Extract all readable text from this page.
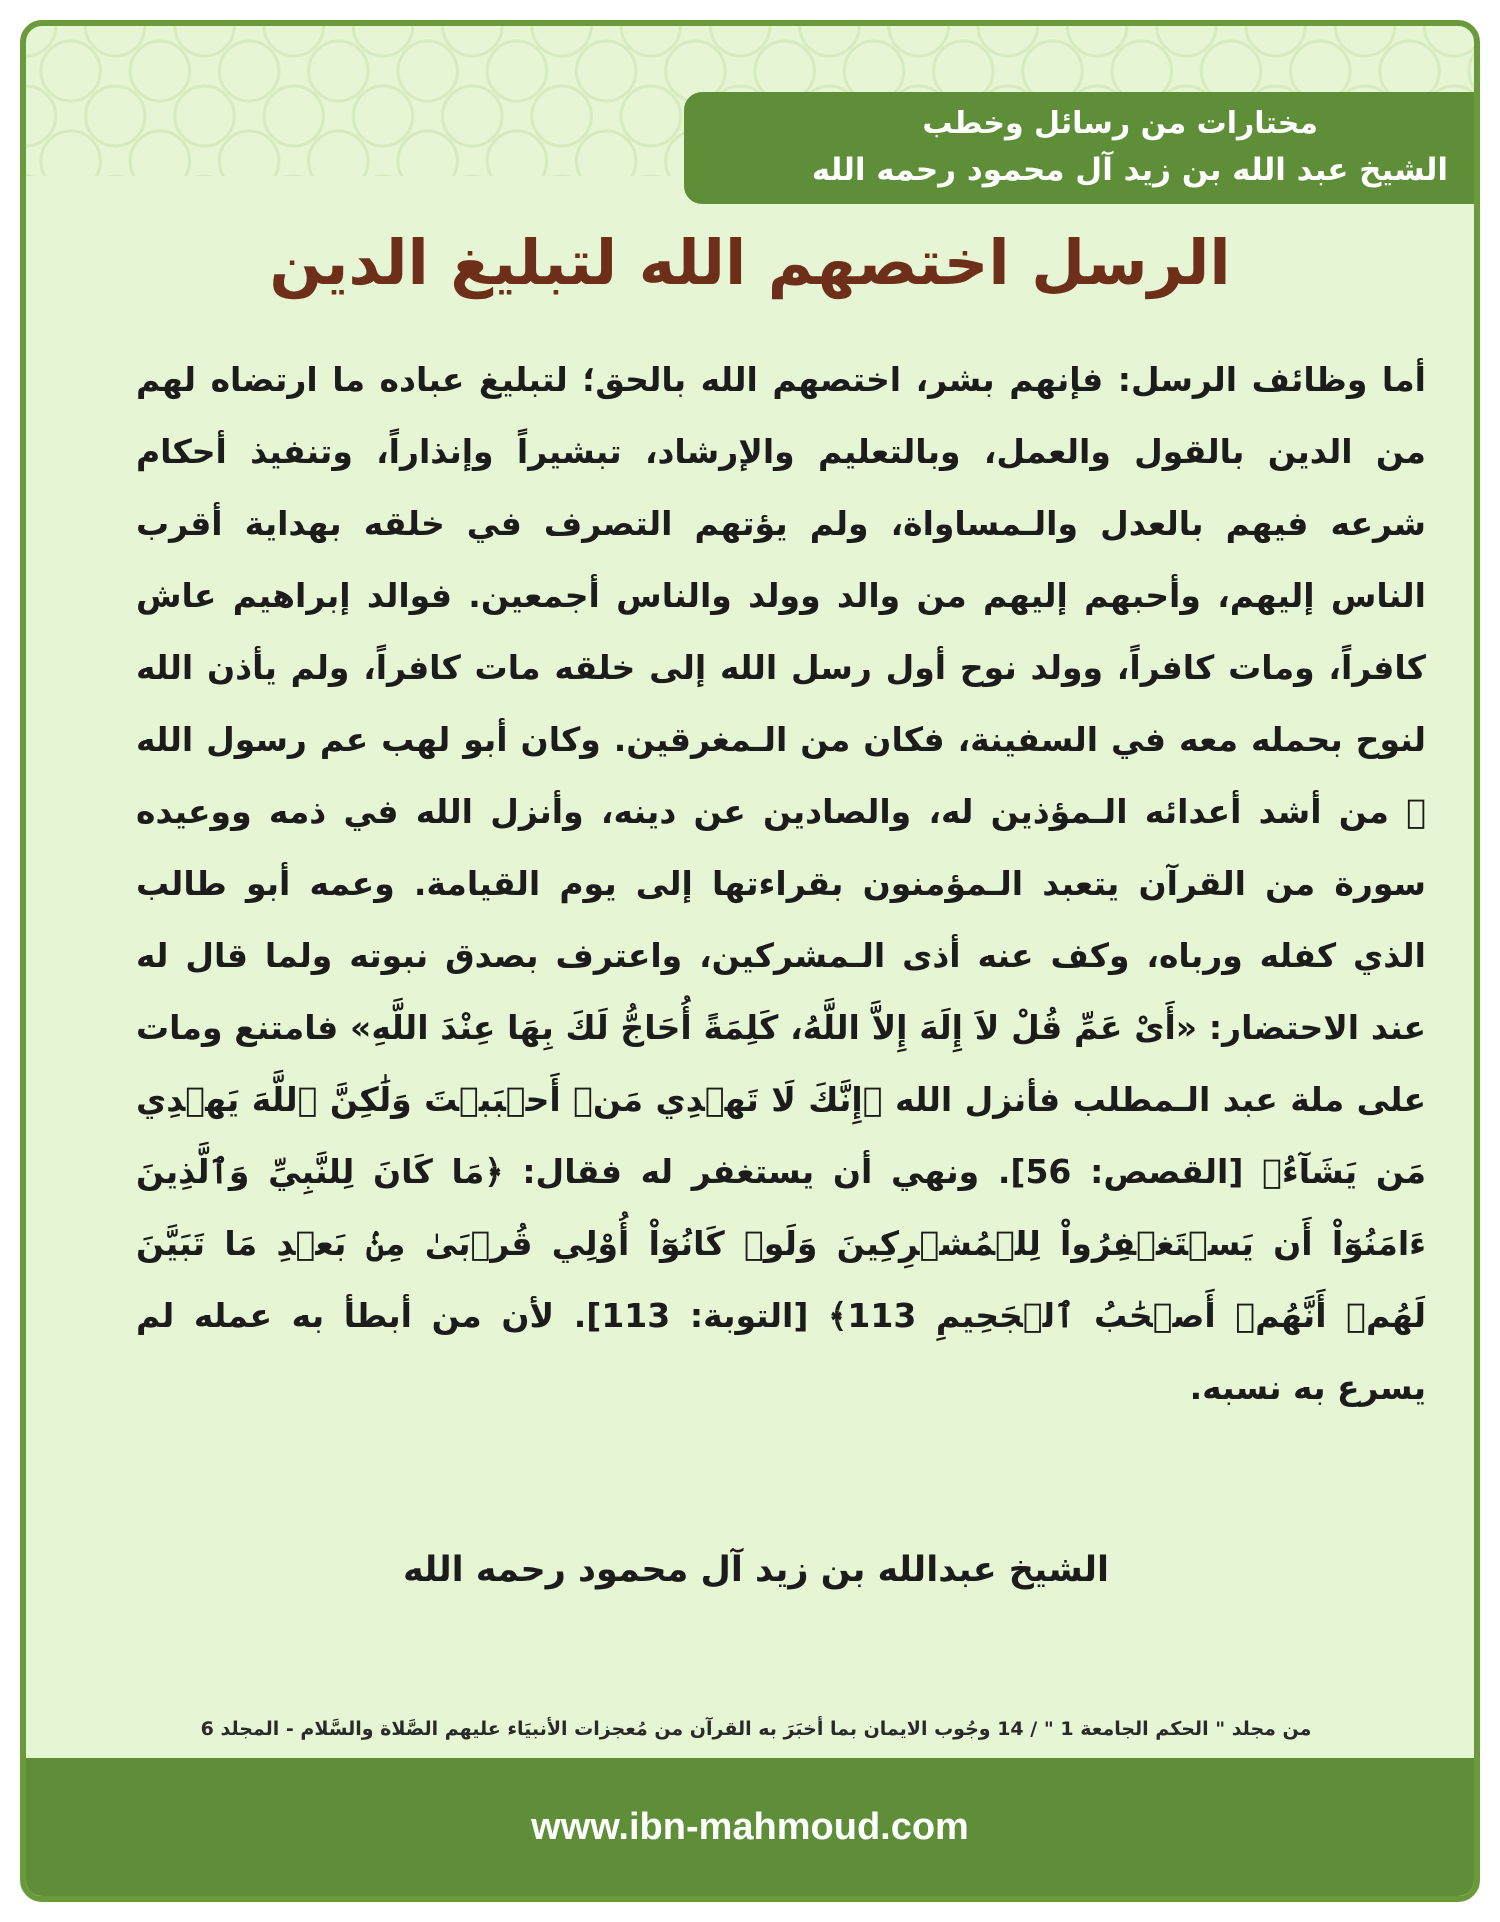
مختارات من رسائل وخطب
الشيخ عبد الله بن زيد آل محمود رحمه الله
الرسل اختصهم الله لتبليغ الدين

أما وظائف الرسل: فإنهم بشر، اختصهم الله بالحق؛ لتبليغ عباده ما ارتضاه لهم من الدين بالقول والعمل، وبالتعليم والإرشاد، تبشيراً وإنذاراً، وتنفيذ أحكام شرعه فيهم بالعدل والـمساواة، ولم يؤتهم التصرف في خلقه بهداية أقرب الناس إليهم، وأحبهم إليهم من والد وولد والناس أجمعين. فوالد إبراهيم عاش كافراً، ومات كافراً، وولد نوح أول رسل الله إلى خلقه مات كافراً، ولم يأذن الله لنوح بحمله معه في السفينة، فكان من الـمغرقين. وكان أبو لهب عم رسول الله ﷺ من أشد أعدائه الـمؤذين له، والصادين عن دينه، وأنزل الله في ذمه ووعيده سورة من القرآن يتعبد الـمؤمنون بقراءتها إلى يوم القيامة. وعمه أبو طالب الذي كفله ورباه، وكف عنه أذى الـمشركين، واعترف بصدق نبوته ولما قال له عند الاحتضار: «أَىْ عَمِّ قُلْ لاَ إِلَهَ إِلاَّ اللَّهُ، كَلِمَةً أُحَاجُّ لَكَ بِهَا عِنْدَ اللَّهِ» فامتنع ومات على ملة عبد الـمطلب فأنزل الله ﴿إِنَّكَ لَا تَهۡدِي مَنۡ أَحۡبَبۡتَ وَلَٰكِنَّ ٱللَّهَ يَهۡدِي مَن يَشَآءُ﴾ [القصص: 56]. ونهي أن يستغفر له فقال: ﴿مَا كَانَ لِلنَّبِيِّ وَٱلَّذِينَ ءَامَنُوٓاْ أَن يَسۡتَغۡفِرُواْ لِلۡمُشۡرِكِينَ وَلَوۡ كَانُوٓاْ أُوْلِي قُرۡبَىٰ مِنۢ بَعۡدِ مَا تَبَيَّنَ لَهُمۡ أَنَّهُمۡ أَصۡحَٰبُ ٱلۡجَحِيمِ 113﴾ [التوبة: 113]. لأن من أبطأ به عمله لم يسرع به نسبه.

الشيخ عبدالله بن زيد آل محمود رحمه الله
من مجلد " الحكم الجامعة 1 " / 14 وجُوب الايمان بما أخبَرَ به القرآن من مُعجزات الأنبيَاء عليهم الصَّلاة والسَّلام - المجلد 6
www.ibn-mahmoud.com
